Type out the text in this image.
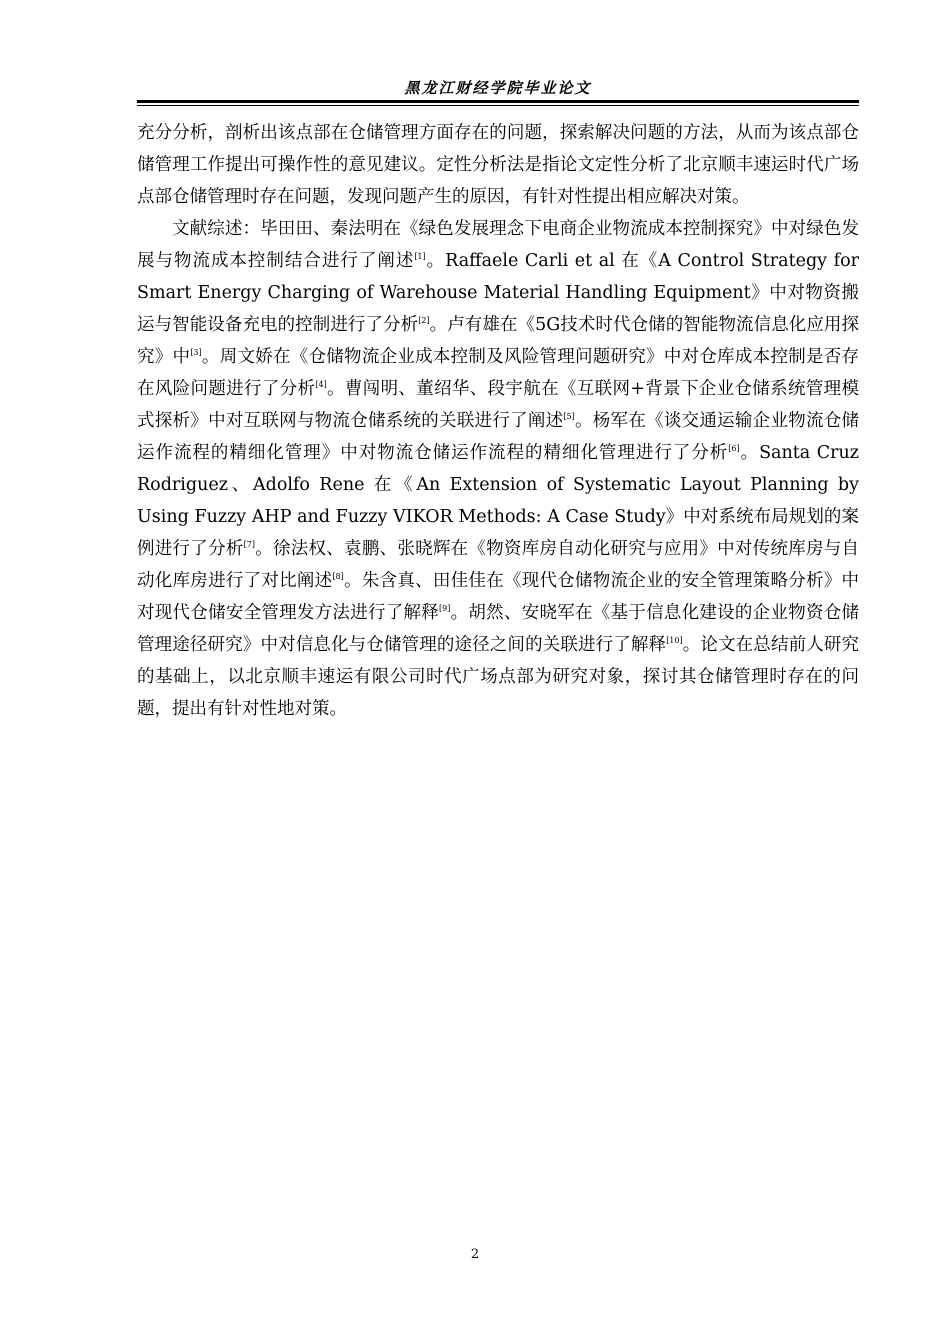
黑龙江财经学院毕业论文

充分分析，剖析出该点部在仓储管理方面存在的问题，探索解决问题的方法，从而为该点部仓储管理工作提出可操作性的意见建议。定性分析法是指论文定性分析了北京顺丰速运时代广场点部仓储管理时存在问题，发现问题产生的原因，有针对性提出相应解决对策。

文献综述：毕田田、秦法明在《绿色发展理念下电商企业物流成本控制探究》中对绿色发展与物流成本控制结合进行了阐述[1]。Raffaele Carli et al 在《A Control Strategy for Smart Energy Charging of Warehouse Material Handling Equipment》中对物资搬运与智能设备充电的控制进行了分析[2]。卢有雄在《5G技术时代仓储的智能物流信息化应用探究》中[3]。周文娇在《仓储物流企业成本控制及风险管理问题研究》中对仓库成本控制是否存在风险问题进行了分析[4]。曹闯明、董绍华、段宇航在《互联网+背景下企业仓储系统管理模式探析》中对互联网与物流仓储系统的关联进行了阐述[5]。杨军在《谈交通运输企业物流仓储运作流程的精细化管理》中对物流仓储运作流程的精细化管理进行了分析[6]。Santa Cruz Rodriguez、Adolfo Rene 在《An Extension of Systematic Layout Planning by Using Fuzzy AHP and Fuzzy VIKOR Methods: A Case Study》中对系统布局规划的案例进行了分析[7]。徐法权、袁鹏、张晓辉在《物资库房自动化研究与应用》中对传统库房与自动化库房进行了对比阐述[8]。朱含真、田佳佳在《现代仓储物流企业的安全管理策略分析》中对现代仓储安全管理发方法进行了解释[9]。胡然、安晓军在《基于信息化建设的企业物资仓储管理途径研究》中对信息化与仓储管理的途径之间的关联进行了解释[10]。论文在总结前人研究的基础上，以北京顺丰速运有限公司时代广场点部为研究对象，探讨其仓储管理时存在的问题，提出有针对性地对策。

2
